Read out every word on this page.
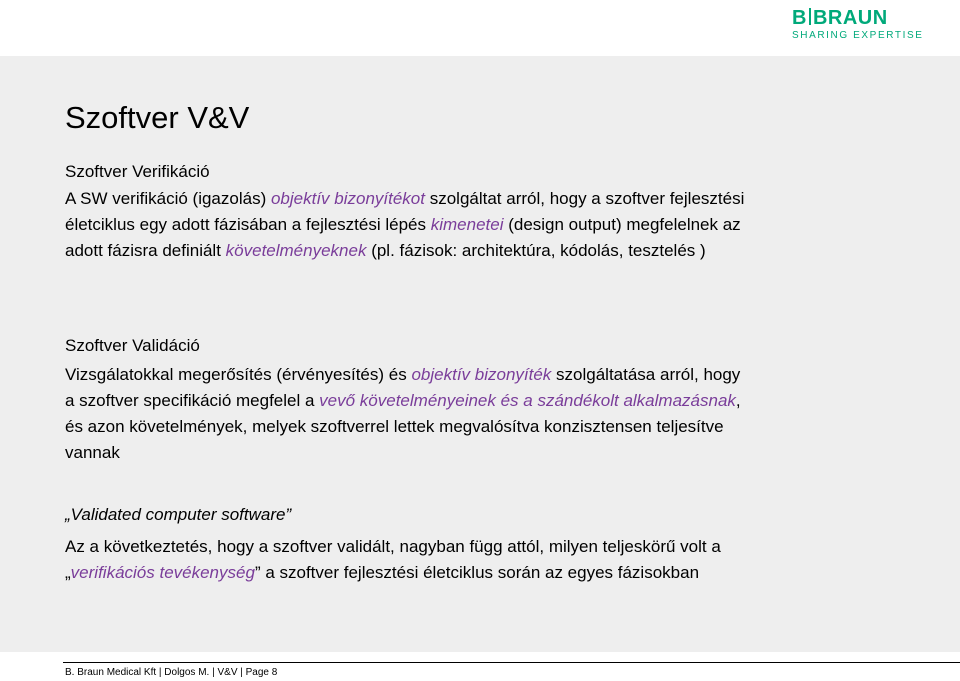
B BRAUN
SHARING EXPERTISE
Szoftver V&V

Szoftver Verifikáció

A SW verifikáció (igazolás) objektív bizonyítékot szolgáltat arról, hogy a szoftver fejlesztési
életciklus egy adott fázisában a fejlesztési lépés kimenetei (design output) megfelelnek az
adott fázisra definiált követelményeknek (pl. fázisok: architektúra, kódolás, tesztelés )

Szoftver Validáció

Vizsgálatokkal megerősítés (érvényesítés) és objektív bizonyíték szolgáltatása arról, hogy
a szoftver specifikáció megfelel a vevő követelményeinek és a szándékolt alkalmazásnak,
és azon követelmények, melyek szoftverrel lettek megvalósítva konzisztensen teljesítve
vannak

„Validated computer software”

Az a következtetés, hogy a szoftver validált, nagyban függ attól, milyen teljeskörű volt a
„verifikációs tevékenység” a szoftver fejlesztési életciklus során az egyes fázisokban
B. Braun Medical Kft | Dolgos M. | V&V | Page 8
